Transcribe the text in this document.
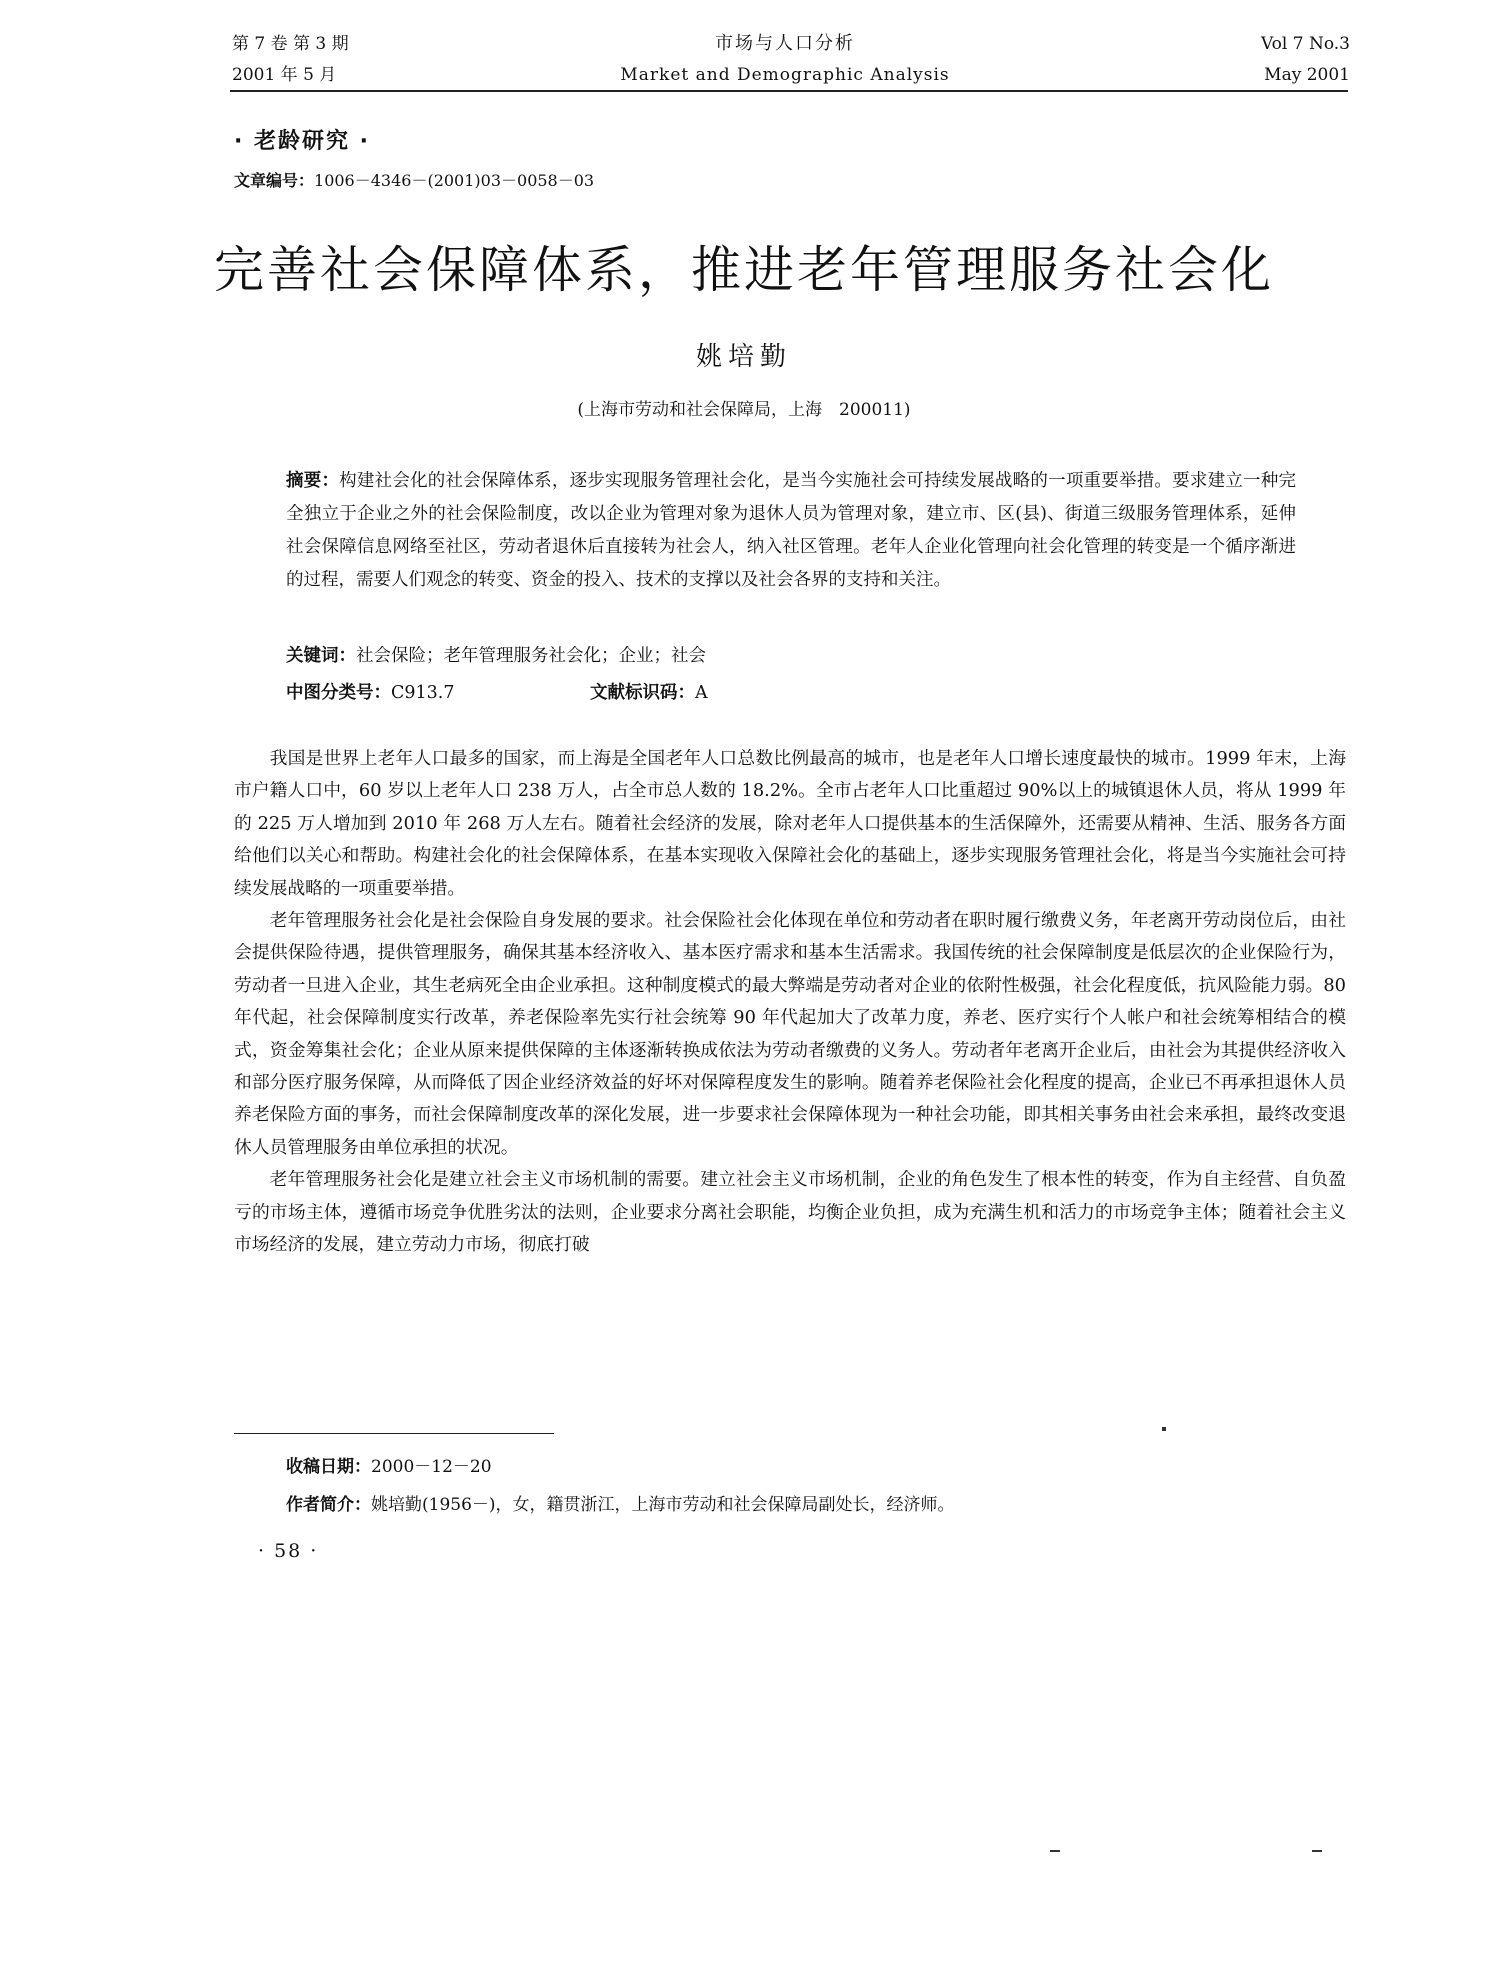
第 7 卷 第 3 期
2001 年 5 月
市场与人口分析
Market and Demographic Analysis
Vol 7 No.3
May 2001
· 老龄研究 ·
文章编号：1006－4346－(2001)03－0058－03
完善社会保障体系，推进老年管理服务社会化
姚培勤
(上海市劳动和社会保障局，上海　200011)
摘要：构建社会化的社会保障体系，逐步实现服务管理社会化，是当今实施社会可持续发展战略的一项重要举措。要求建立一种完全独立于企业之外的社会保险制度，改以企业为管理对象为退休人员为管理对象，建立市、区(县)、街道三级服务管理体系，延伸社会保障信息网络至社区，劳动者退休后直接转为社会人，纳入社区管理。老年人企业化管理向社会化管理的转变是一个循序渐进的过程，需要人们观念的转变、资金的投入、技术的支撑以及社会各界的支持和关注。
关键词：社会保险；老年管理服务社会化；企业；社会
中图分类号：C913.7	文献标识码：A

我国是世界上老年人口最多的国家，而上海是全国老年人口总数比例最高的城市，也是老年人口增长速度最快的城市。1999 年末，上海市户籍人口中，60 岁以上老年人口 238 万人，占全市总人数的 18.2%。全市占老年人口比重超过 90%以上的城镇退休人员，将从 1999 年的 225 万人增加到 2010 年 268 万人左右。随着社会经济的发展，除对老年人口提供基本的生活保障外，还需要从精神、生活、服务各方面给他们以关心和帮助。构建社会化的社会保障体系，在基本实现收入保障社会化的基础上，逐步实现服务管理社会化，将是当今实施社会可持续发展战略的一项重要举措。

老年管理服务社会化是社会保险自身发展的要求。社会保险社会化体现在单位和劳动者在职时履行缴费义务，年老离开劳动岗位后，由社会提供保险待遇，提供管理服务，确保其基本经济收入、基本医疗需求和基本生活需求。我国传统的社会保障制度是低层次的企业保险行为，劳动者一旦进入企业，其生老病死全由企业承担。这种制度模式的最大弊端是劳动者对企业的依附性极强，社会化程度低，抗风险能力弱。80 年代起，社会保障制度实行改革，养老保险率先实行社会统筹 90 年代起加大了改革力度，养老、医疗实行个人帐户和社会统筹相结合的模式，资金筹集社会化；企业从原来提供保障的主体逐渐转换成依法为劳动者缴费的义务人。劳动者年老离开企业后，由社会为其提供经济收入和部分医疗服务保障，从而降低了因企业经济效益的好坏对保障程度发生的影响。随着养老保险社会化程度的提高，企业已不再承担退休人员养老保险方面的事务，而社会保障制度改革的深化发展，进一步要求社会保障体现为一种社会功能，即其相关事务由社会来承担，最终改变退休人员管理服务由单位承担的状况。

老年管理服务社会化是建立社会主义市场机制的需要。建立社会主义市场机制，企业的角色发生了根本性的转变，作为自主经营、自负盈亏的市场主体，遵循市场竞争优胜劣汰的法则，企业要求分离社会职能，均衡企业负担，成为充满生机和活力的市场竞争主体；随着社会主义市场经济的发展，建立劳动力市场，彻底打破

收稿日期：2000－12－20
作者简介：姚培勤(1956－)，女，籍贯浙江，上海市劳动和社会保障局副处长，经济师。
· 58 ·
